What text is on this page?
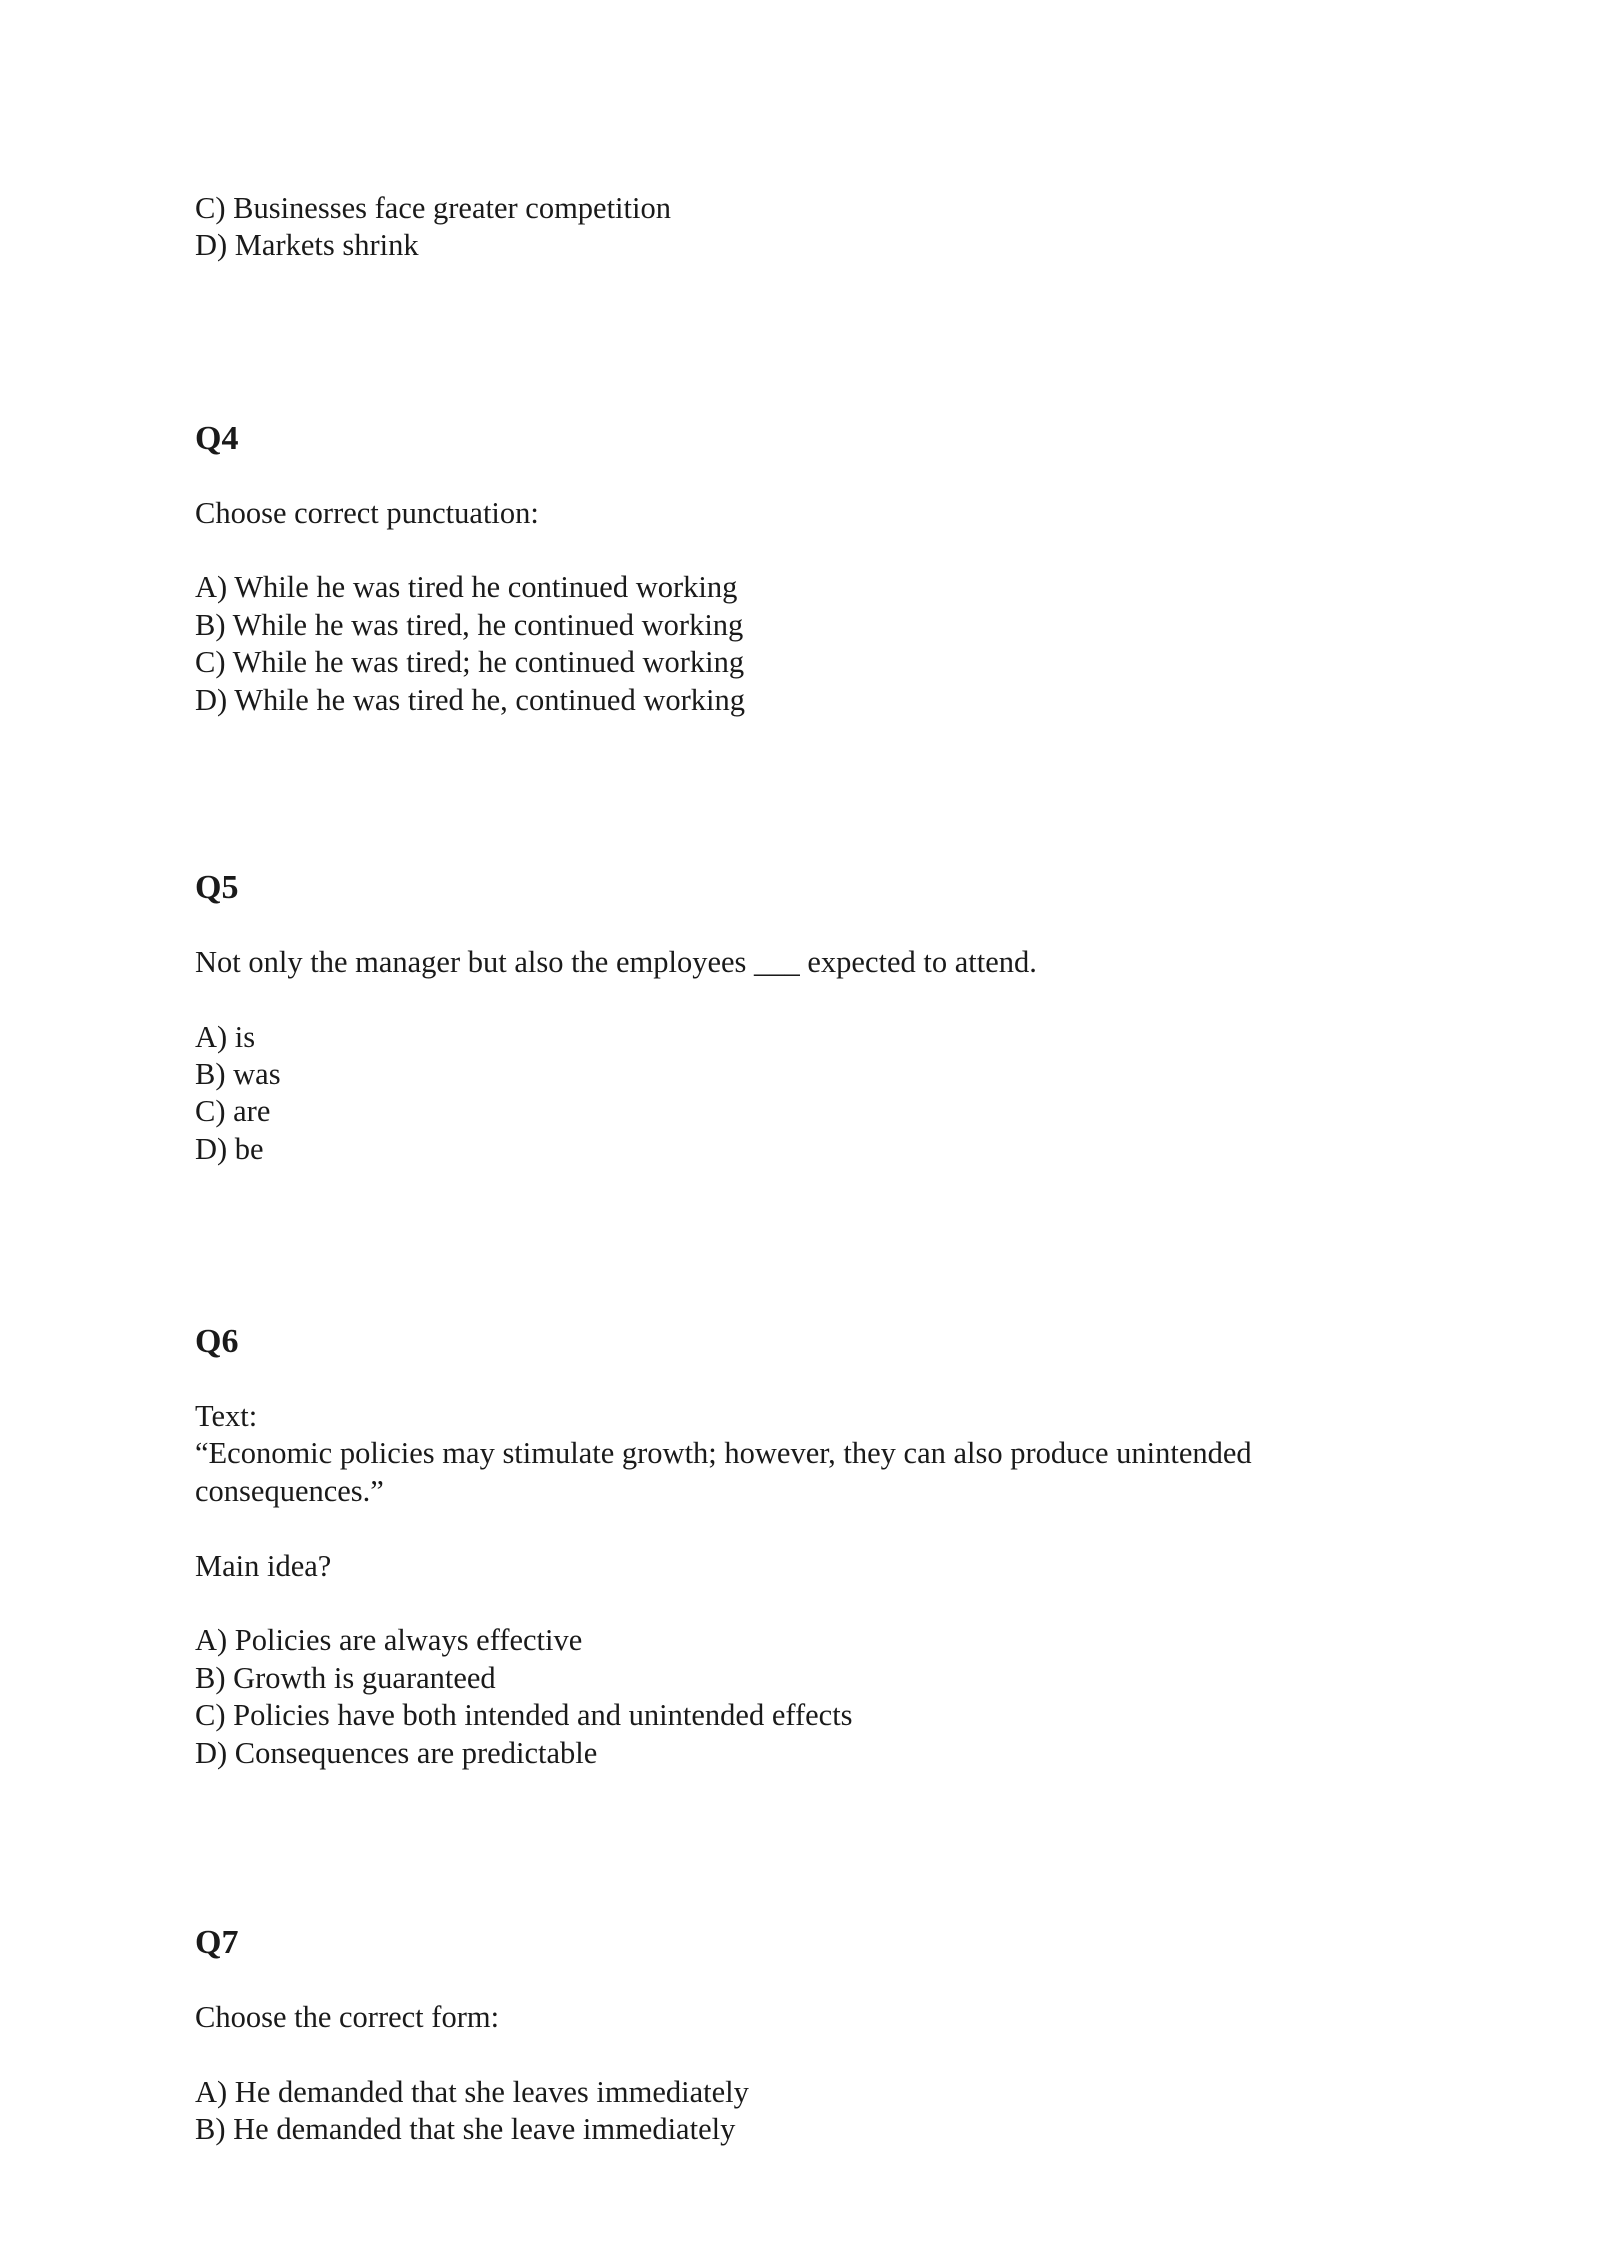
C) Businesses face greater competition
D) Markets shrink
Q4
Choose correct punctuation:
A) While he was tired he continued working
B) While he was tired, he continued working
C) While he was tired; he continued working
D) While he was tired he, continued working
Q5
Not only the manager but also the employees ___ expected to attend.
A) is
B) was
C) are
D) be
Q6
Text:
“Economic policies may stimulate growth; however, they can also produce unintended consequences.”
Main idea?
A) Policies are always effective
B) Growth is guaranteed
C) Policies have both intended and unintended effects
D) Consequences are predictable
Q7
Choose the correct form:
A) He demanded that she leaves immediately
B) He demanded that she leave immediately
